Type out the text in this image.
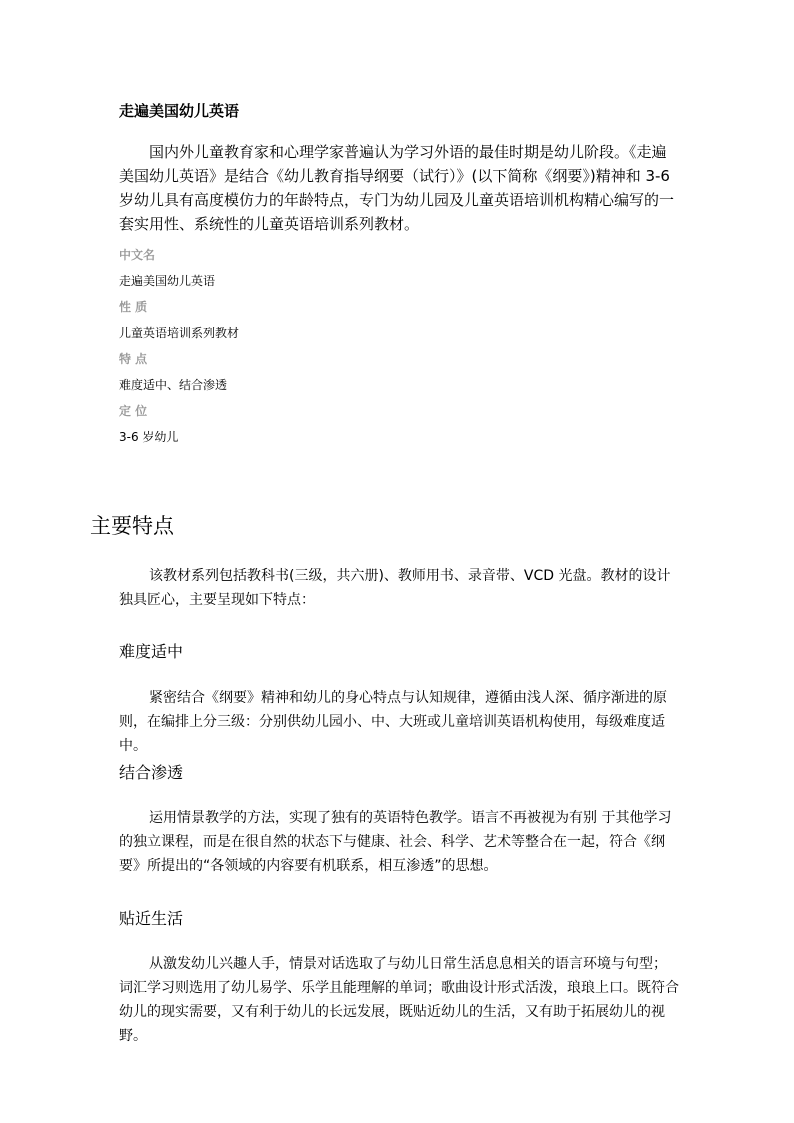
走遍美国幼儿英语

国内外儿童教育家和心理学家普遍认为学习外语的最佳时期是幼儿阶段。《走遍美国幼儿英语》是结合《幼儿教育指导纲要（试行）》(以下简称《纲要》)精神和 3-6 岁幼儿具有高度模仿力的年龄特点，专门为幼儿园及儿童英语培训机构精心编写的一套实用性、系统性的儿童英语培训系列教材。

中文名
走遍美国幼儿英语
性 质
儿童英语培训系列教材
特 点
难度适中、结合渗透
定 位
3-6 岁幼儿
主要特点

该教材系列包括教科书(三级，共六册)、教师用书、录音带、VCD 光盘。教材的设计独具匠心，主要呈现如下特点：

难度适中

紧密结合《纲要》精神和幼儿的身心特点与认知规律，遵循由浅人深、循序渐进的原则，在编排上分三级：分别供幼儿园小、中、大班或儿童培训英语机构使用，每级难度适中。

结合渗透

运用情景教学的方法，实现了独有的英语特色教学。语言不再被视为有别 于其他学习的独立课程，而是在很自然的状态下与健康、社会、科学、艺术等整合在一起，符合《纲要》所提出的“各领域的内容要有机联系，相互渗透”的思想。

贴近生活

从激发幼儿兴趣人手，情景对话选取了与幼儿日常生活息息相关的语言环境与句型；词汇学习则选用了幼儿易学、乐学且能理解的单词；歌曲设计形式活泼，琅琅上口。既符合幼儿的现实需要，又有利于幼儿的长远发展，既贴近幼儿的生活，又有助于拓展幼儿的视野。
